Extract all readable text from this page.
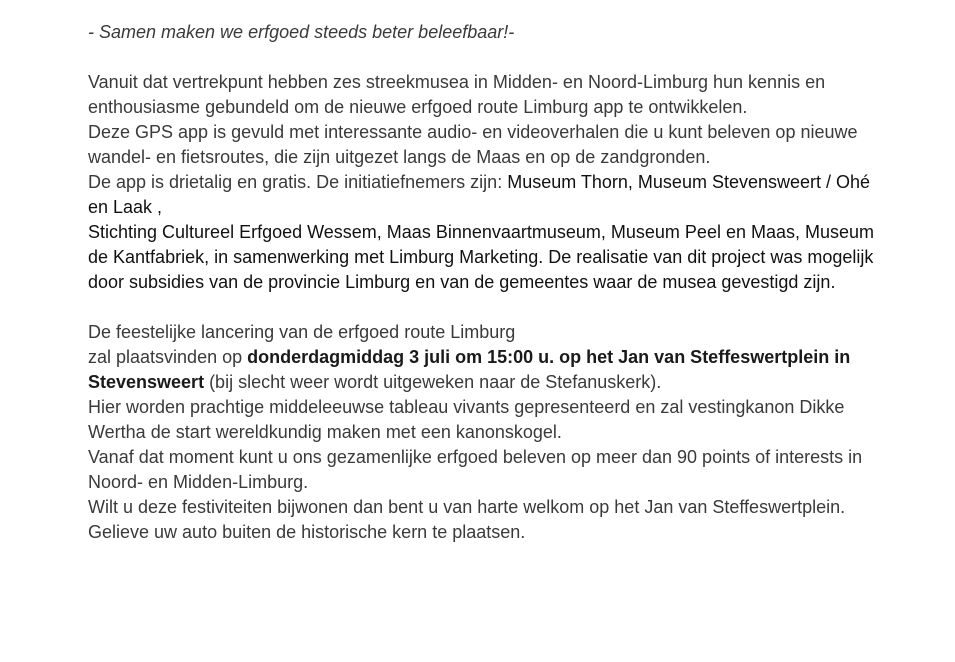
- Samen maken we erfgoed steeds beter beleefbaar!-

Vanuit dat vertrekpunt hebben zes streekmusea in Midden- en Noord-Limburg hun kennis en enthousiasme gebundeld om de nieuwe erfgoed route Limburg app te ontwikkelen.

Deze GPS app is gevuld met interessante audio- en videoverhalen die u kunt beleven op nieuwe wandel- en fietsroutes, die zijn uitgezet langs de Maas en op de zandgronden.

De app is drietalig en gratis. De initiatiefnemers zijn: Museum Thorn, Museum Stevensweert / Ohé en Laak ,

Stichting Cultureel Erfgoed Wessem, Maas Binnenvaartmuseum, Museum Peel en Maas, Museum de Kantfabriek, in samenwerking met Limburg Marketing. De realisatie van dit project was mogelijk door subsidies van de provincie Limburg en van de gemeentes waar de musea gevestigd zijn.

De feestelijke lancering van de erfgoed route Limburg

zal plaatsvinden op donderdagmiddag 3 juli om 15:00 u. op het Jan van Steffeswertplein in Stevensweert (bij slecht weer wordt uitgeweken naar de Stefanuskerk).

Hier worden prachtige middeleeuwse tableau vivants gepresenteerd en zal vestingkanon Dikke Wertha de start wereldkundig maken met een kanonskogel.

Vanaf dat moment kunt u ons gezamenlijke erfgoed beleven op meer dan 90 points of interests in Noord- en Midden-Limburg.

Wilt u deze festiviteiten bijwonen dan bent u van harte welkom op het Jan van Steffeswertplein. Gelieve uw auto buiten de historische kern te plaatsen.
